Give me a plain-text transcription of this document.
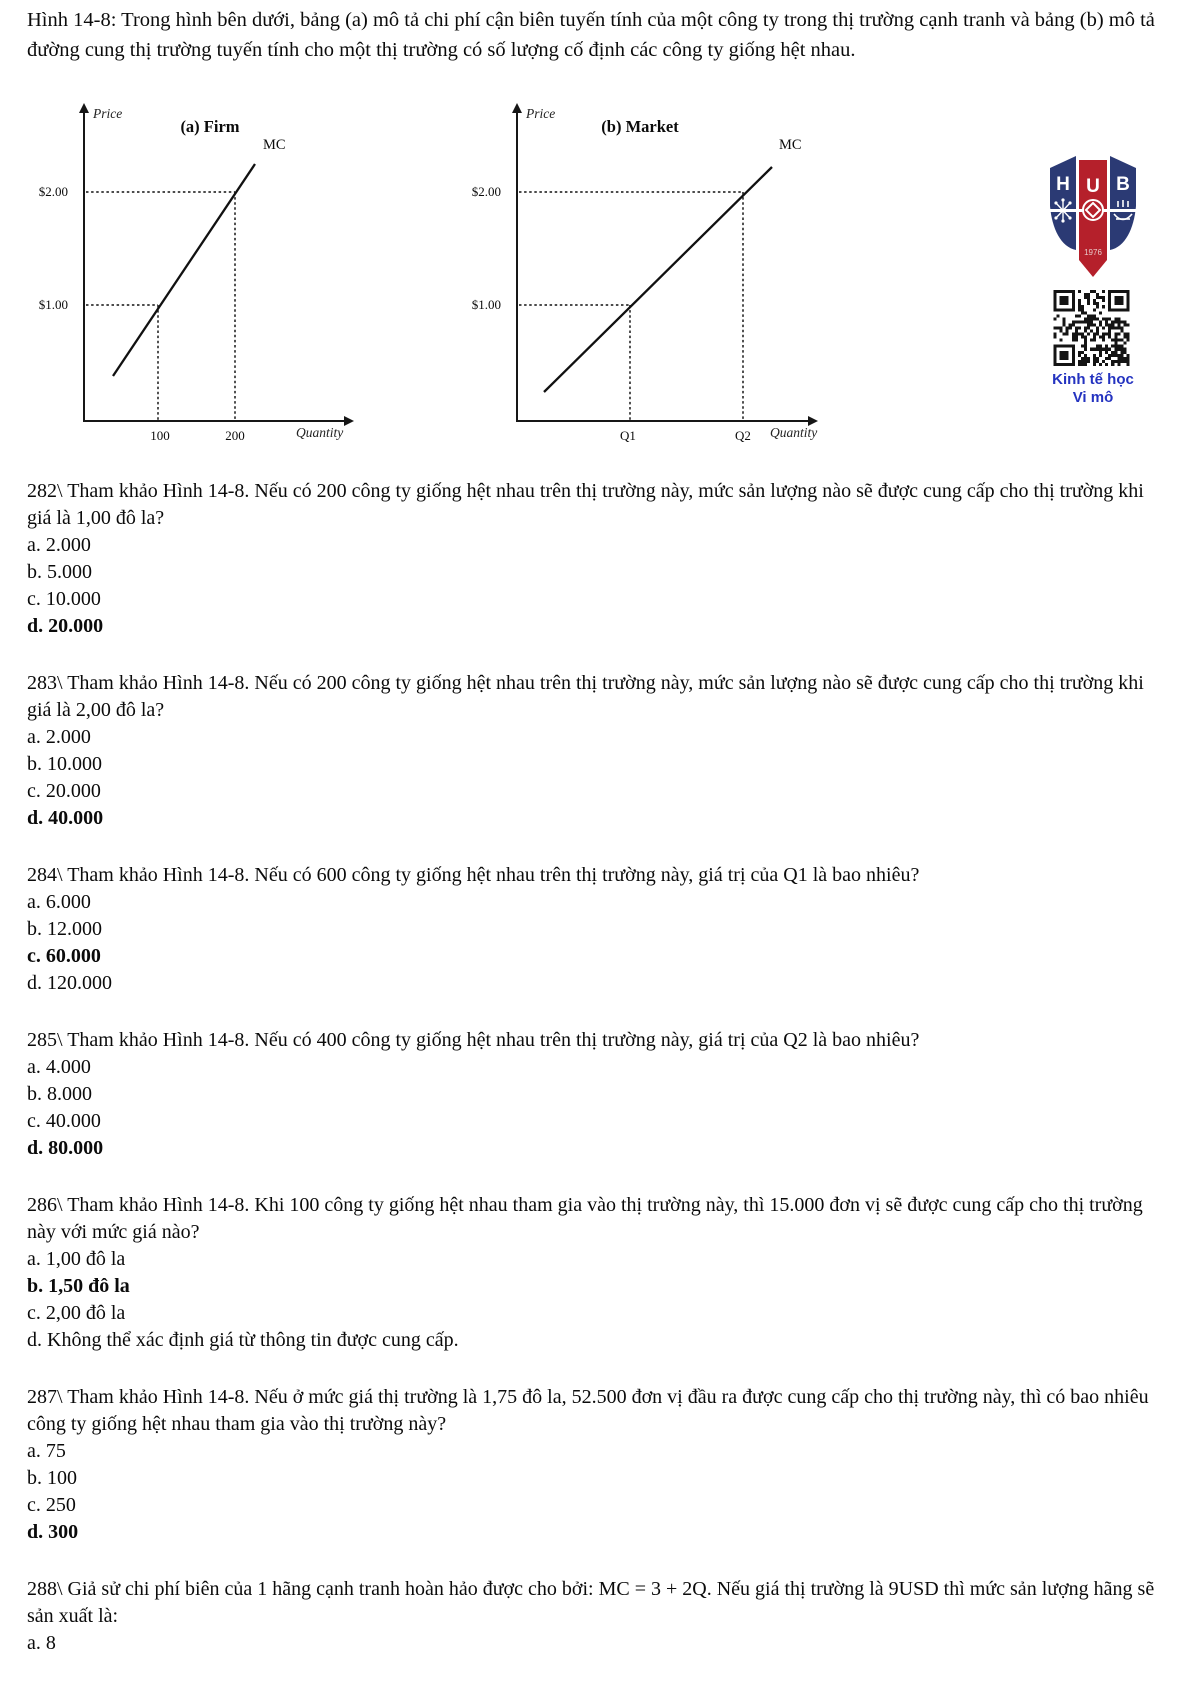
Hình 14-8: Trong hình bên dưới, bảng (a) mô tả chi phí cận biên tuyến tính của một công ty trong thị trường cạnh tranh và bảng (b) mô tả đường cung thị trường tuyến tính cho một thị trường có số lượng cố định các công ty giống hệt nhau.
Price
(a) Firm
MC
$2.00
$1.00
100	200	Quantity
Price
(b) Market
MC
$2.00
$1.00
Q1	Q2	Quantity
H U B
1976
Kinh tế học
Vi mô
282\ Tham khảo Hình 14-8. Nếu có 200 công ty giống hệt nhau trên thị trường này, mức sản lượng nào sẽ được cung cấp cho thị trường khi giá là 1,00 đô la?
a. 2.000
b. 5.000
c. 10.000
d. 20.000
283\ Tham khảo Hình 14-8. Nếu có 200 công ty giống hệt nhau trên thị trường này, mức sản lượng nào sẽ được cung cấp cho thị trường khi giá là 2,00 đô la?
a. 2.000
b. 10.000
c. 20.000
d. 40.000
284\ Tham khảo Hình 14-8. Nếu có 600 công ty giống hệt nhau trên thị trường này, giá trị của Q1 là bao nhiêu?
a. 6.000
b. 12.000
c. 60.000
d. 120.000
285\ Tham khảo Hình 14-8. Nếu có 400 công ty giống hệt nhau trên thị trường này, giá trị của Q2 là bao nhiêu?
a. 4.000
b. 8.000
c. 40.000
d. 80.000
286\ Tham khảo Hình 14-8. Khi 100 công ty giống hệt nhau tham gia vào thị trường này, thì 15.000 đơn vị sẽ được cung cấp cho thị trường này với mức giá nào?
a. 1,00 đô la
b. 1,50 đô la
c. 2,00 đô la
d. Không thể xác định giá từ thông tin được cung cấp.
287\ Tham khảo Hình 14-8. Nếu ở mức giá thị trường là 1,75 đô la, 52.500 đơn vị đầu ra được cung cấp cho thị trường này, thì có bao nhiêu công ty giống hệt nhau tham gia vào thị trường này?
a. 75
b. 100
c. 250
d. 300
288\ Giả sử chi phí biên của 1 hãng cạnh tranh hoàn hảo được cho bởi: MC = 3 + 2Q. Nếu giá thị trường là 9USD thì mức sản lượng hãng sẽ sản xuất là:
a. 8
